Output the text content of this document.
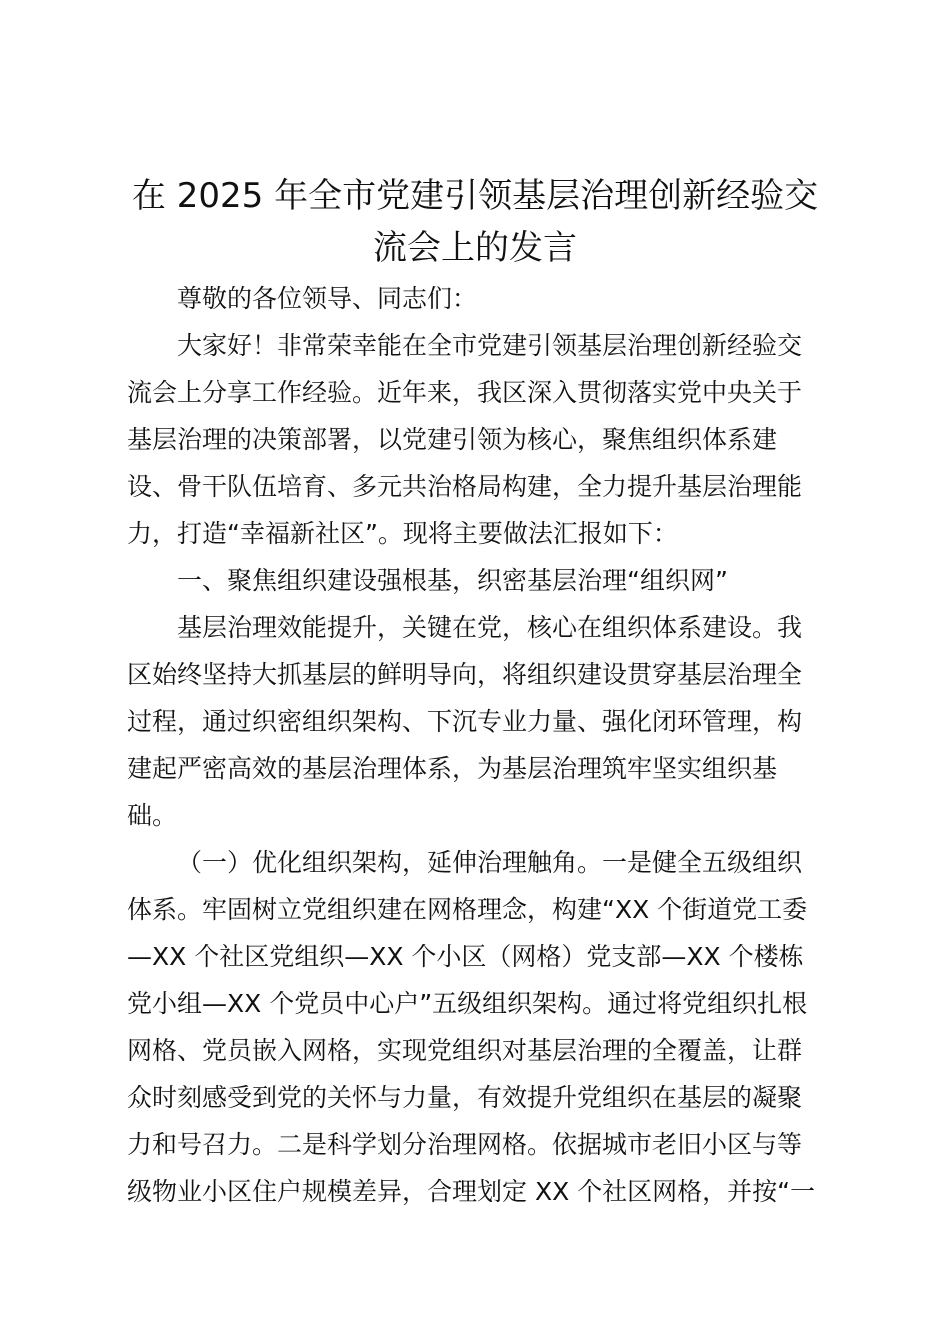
在 2025 年全市党建引领基层治理创新经验交
流会上的发言
尊敬的各位领导、同志们：
大家好！非常荣幸能在全市党建引领基层治理创新经验交
流会上分享工作经验。近年来，我区深入贯彻落实党中央关于
基层治理的决策部署，以党建引领为核心，聚焦组织体系建
设、骨干队伍培育、多元共治格局构建，全力提升基层治理能
力，打造“幸福新社区”。现将主要做法汇报如下：
一、聚焦组织建设强根基，织密基层治理“组织网”
基层治理效能提升，关键在党，核心在组织体系建设。我
区始终坚持大抓基层的鲜明导向，将组织建设贯穿基层治理全
过程，通过织密组织架构、下沉专业力量、强化闭环管理，构
建起严密高效的基层治理体系，为基层治理筑牢坚实组织基
础。
（一）优化组织架构，延伸治理触角。一是健全五级组织
体系。牢固树立党组织建在网格理念，构建“XX 个街道党工委
—XX 个社区党组织—XX 个小区（网格）党支部—XX 个楼栋
党小组—XX 个党员中心户”五级组织架构。通过将党组织扎根
网格、党员嵌入网格，实现党组织对基层治理的全覆盖，让群
众时刻感受到党的关怀与力量，有效提升党组织在基层的凝聚
力和号召力。二是科学划分治理网格。依据城市老旧小区与等
级物业小区住户规模差异，合理划定 XX 个社区网格，并按“一
